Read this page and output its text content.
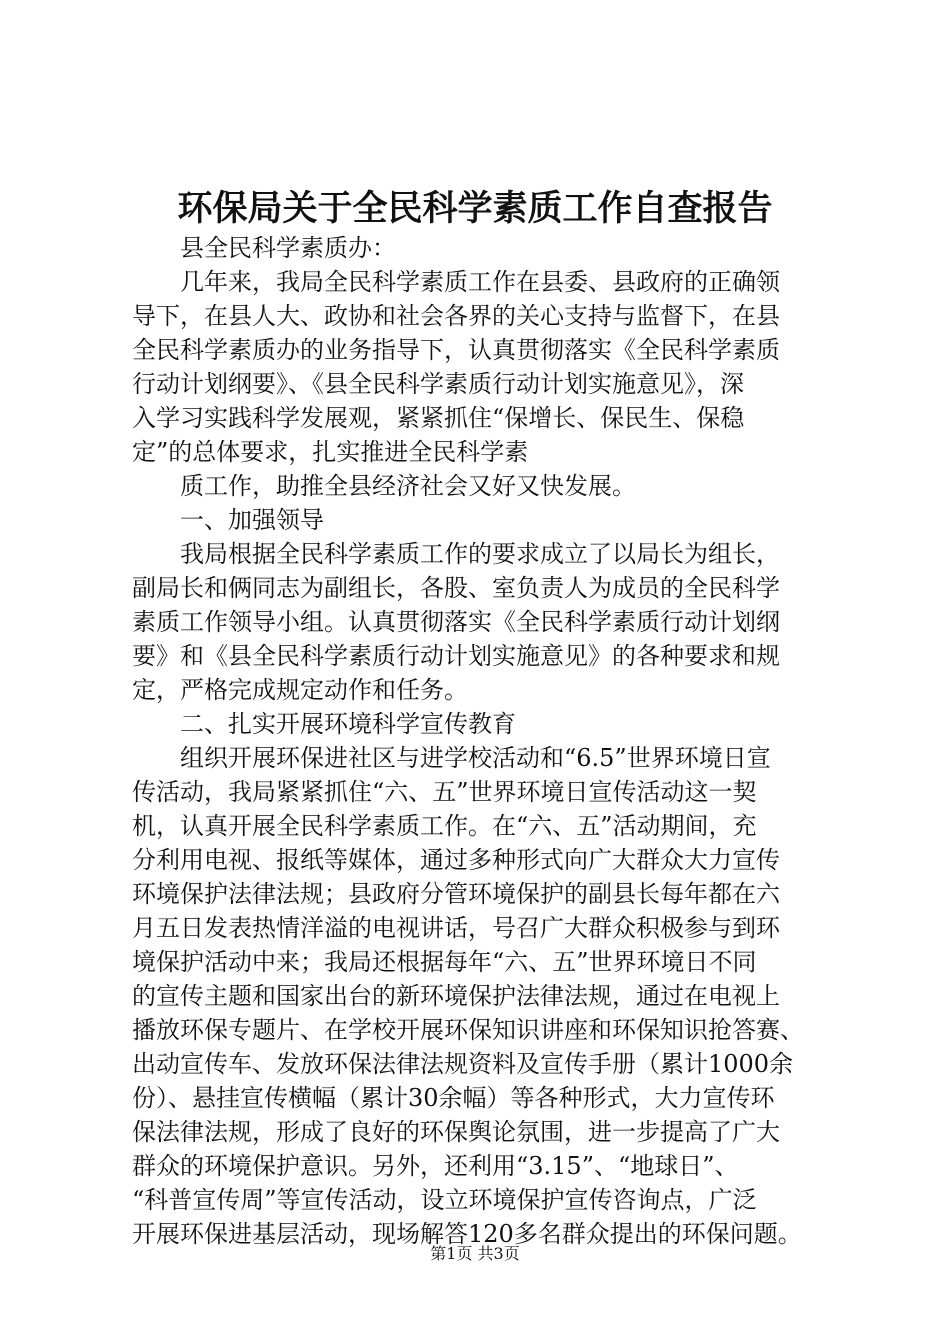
环保局关于全民科学素质工作自查报告
县全民科学素质办：
几年来，我局全民科学素质工作在县委、县政府的正确领
导下，在县人大、政协和社会各界的关心支持与监督下，在县
全民科学素质办的业务指导下，认真贯彻落实《全民科学素质
行动计划纲要》、《县全民科学素质行动计划实施意见》，深
入学习实践科学发展观，紧紧抓住“保增长、保民生、保稳
定”的总体要求，扎实推进全民科学素
质工作，助推全县经济社会又好又快发展。
一、加强领导
我局根据全民科学素质工作的要求成立了以局长为组长，
副局长和俩同志为副组长，各股、室负责人为成员的全民科学
素质工作领导小组。认真贯彻落实《全民科学素质行动计划纲
要》和《县全民科学素质行动计划实施意见》的各种要求和规
定，严格完成规定动作和任务。
二、扎实开展环境科学宣传教育
组织开展环保进社区与进学校活动和“6.5”世界环境日宣
传活动，我局紧紧抓住“六、五”世界环境日宣传活动这一契
机，认真开展全民科学素质工作。在“六、五”活动期间，充
分利用电视、报纸等媒体，通过多种形式向广大群众大力宣传
环境保护法律法规；县政府分管环境保护的副县长每年都在六
月五日发表热情洋溢的电视讲话，号召广大群众积极参与到环
境保护活动中来；我局还根据每年“六、五”世界环境日不同
的宣传主题和国家出台的新环境保护法律法规，通过在电视上
播放环保专题片、在学校开展环保知识讲座和环保知识抢答赛、
出动宣传车、发放环保法律法规资料及宣传手册（累计1000余
份）、悬挂宣传横幅（累计30余幅）等各种形式，大力宣传环
保法律法规，形成了良好的环保舆论氛围，进一步提高了广大
群众的环境保护意识。另外，还利用“3.15”、“地球日”、
“科普宣传周”等宣传活动，设立环境保护宣传咨询点，广泛
开展环保进基层活动，现场解答120多名群众提出的环保问题。
第1页 共3页
